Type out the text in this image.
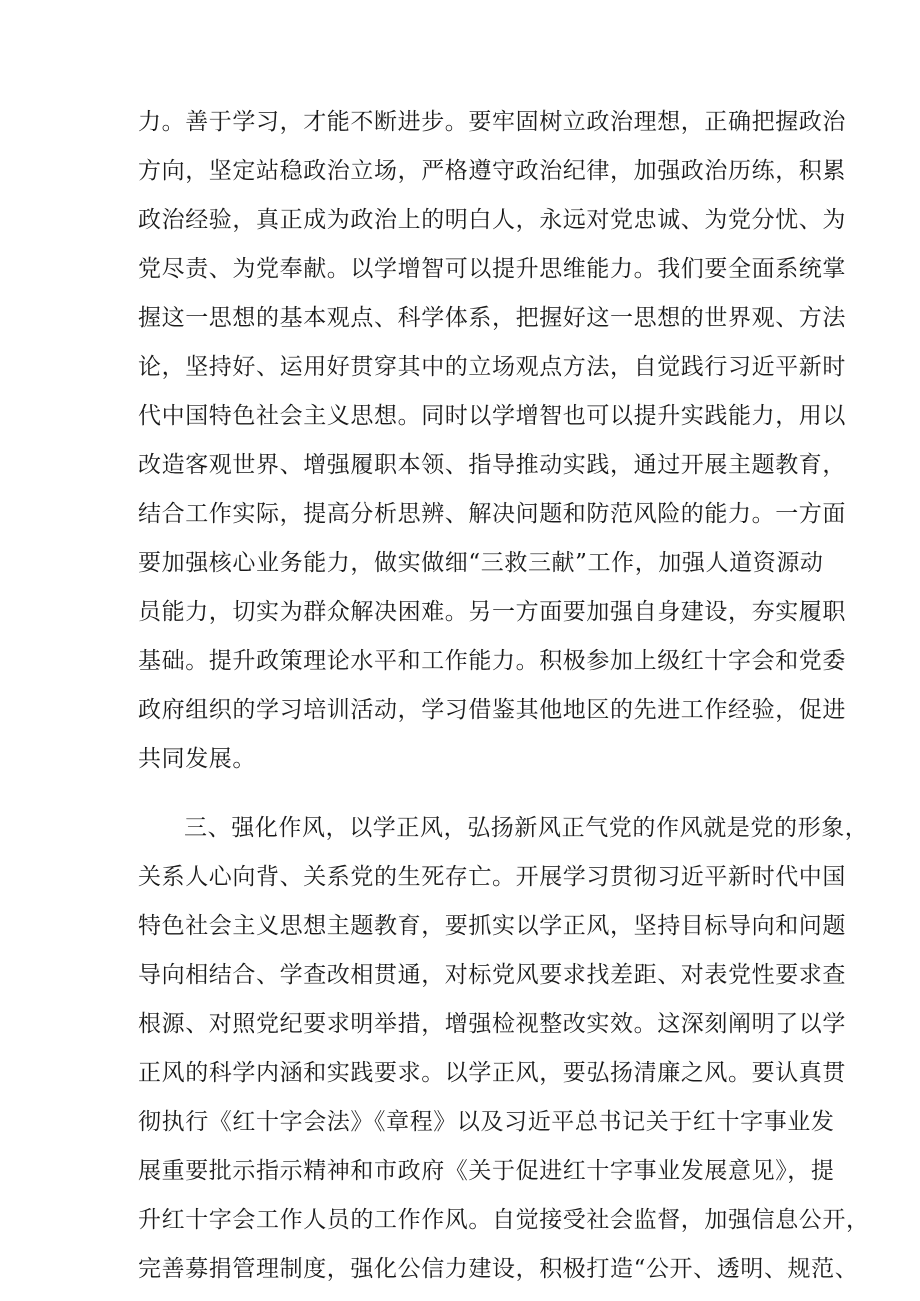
力。善于学习，才能不断进步。要牢固树立政治理想，正确把握政治
方向，坚定站稳政治立场，严格遵守政治纪律，加强政治历练，积累
政治经验，真正成为政治上的明白人，永远对党忠诚、为党分忧、为
党尽责、为党奉献。以学增智可以提升思维能力。我们要全面系统掌
握这一思想的基本观点、科学体系，把握好这一思想的世界观、方法
论，坚持好、运用好贯穿其中的立场观点方法，自觉践行习近平新时
代中国特色社会主义思想。同时以学增智也可以提升实践能力，用以
改造客观世界、增强履职本领、指导推动实践，通过开展主题教育，
结合工作实际，提高分析思辨、解决问题和防范风险的能力。一方面
要加强核心业务能力，做实做细“三救三献”工作，加强人道资源动
员能力，切实为群众解决困难。另一方面要加强自身建设，夯实履职
基础。提升政策理论水平和工作能力。积极参加上级红十字会和党委
政府组织的学习培训活动，学习借鉴其他地区的先进工作经验，促进
共同发展。
三、强化作风，以学正风，弘扬新风正气党的作风就是党的形象，
关系人心向背、关系党的生死存亡。开展学习贯彻习近平新时代中国
特色社会主义思想主题教育，要抓实以学正风，坚持目标导向和问题
导向相结合、学查改相贯通，对标党风要求找差距、对表党性要求查
根源、对照党纪要求明举措，增强检视整改实效。这深刻阐明了以学
正风的科学内涵和实践要求。以学正风，要弘扬清廉之风。要认真贯
彻执行《红十字会法》《章程》以及习近平总书记关于红十字事业发
展重要批示指示精神和市政府《关于促进红十字事业发展意见》，提
升红十字会工作人员的工作作风。自觉接受社会监督，加强信息公开，
完善募捐管理制度，强化公信力建设，积极打造“公开、透明、规范、
